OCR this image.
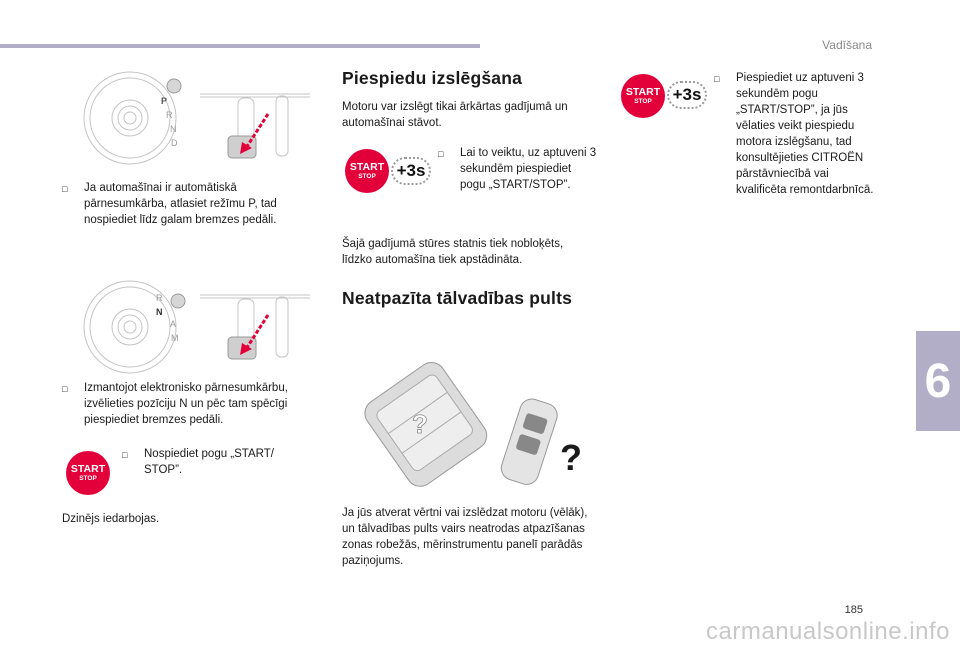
Vadīšana
6
P
R
N
D
□	Ja automašīnai ir automātiskā pārnesumkārba, atlasiet režīmu P, tad nospiediet līdz galam bremzes pedāli.
R
N
A
M
□	Izmantojot elektronisko pārnesumkārbu, izvēlieties pozīciju N un pēc tam spēcīgi piespiediet bremzes pedāli.
START
STOP
□	Nospiediet pogu „START/ STOP”.
Dzinējs iedarbojas.
Piespiedu izslēgšana
Motoru var izslēgt tikai ārkārtas gadījumā un automašīnai stāvot.
START
STOP	+3s
□	Lai to veiktu, uz aptuveni 3 sekundēm piespiediet pogu „START/STOP”.
Šajā gadījumā stūres statnis tiek nobloķēts, līdzko automašīna tiek apstādināta.
Neatpazīta tālvadības pults
?
?
Ja jūs atverat vērtni vai izslēdzat motoru (vēlāk), un tālvadības pults vairs neatrodas atpazīšanas zonas robežās, mērinstrumentu panelī parādās paziņojums.
START
STOP	+3s
□	Piespiediet uz aptuveni 3 sekundēm pogu „START/STOP”, ja jūs vēlaties veikt piespiedu motora izslēgšanu, tad konsultējieties CITROËN pārstāvniecībā vai kvalificēta remontdarbnīcā.
185
carmanualsonline.info
